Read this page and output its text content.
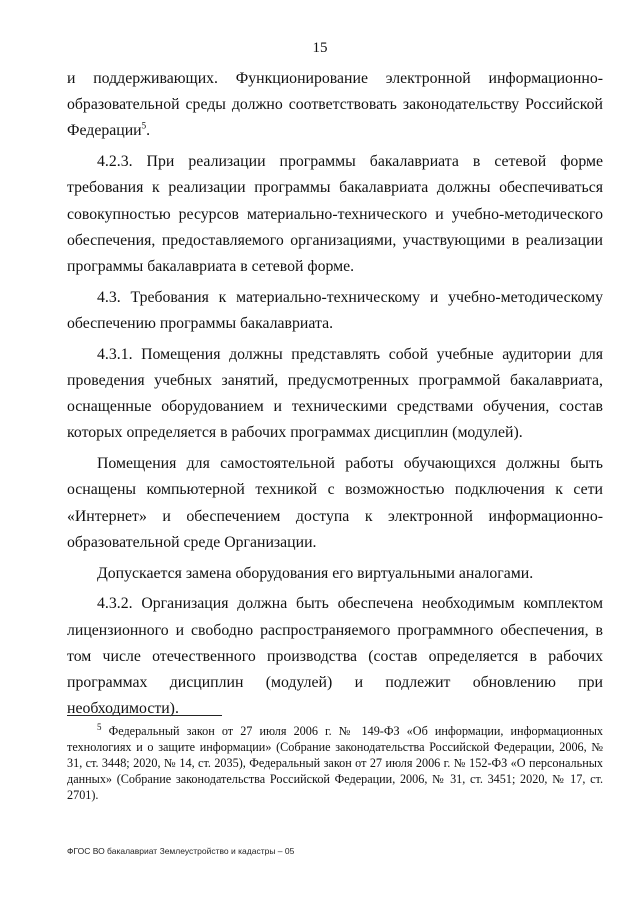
15

и поддерживающих. Функционирование электронной информационно-образовательной среды должно соответствовать законодательству Российской Федерации$^5$.

4.2.3. При реализации программы бакалавриата в сетевой форме требования к реализации программы бакалавриата должны обеспечиваться совокупностью ресурсов материально-технического и учебно-методического обеспечения, предоставляемого организациями, участвующими в реализации программы бакалавриата в сетевой форме.

4.3. Требования к материально-техническому и учебно-методическому обеспечению программы бакалавриата.

4.3.1. Помещения должны представлять собой учебные аудитории для проведения учебных занятий, предусмотренных программой бакалавриата, оснащенные оборудованием и техническими средствами обучения, состав которых определяется в рабочих программах дисциплин (модулей).

Помещения для самостоятельной работы обучающихся должны быть оснащены компьютерной техникой с возможностью подключения к сети «Интернет» и обеспечением доступа к электронной информационно-образовательной среде Организации.

Допускается замена оборудования его виртуальными аналогами.

4.3.2. Организация должна быть обеспечена необходимым комплектом лицензионного и свободно распространяемого программного обеспечения, в том числе отечественного производства (состав определяется в рабочих программах дисциплин (модулей) и подлежит обновлению при необходимости).

$^5$ Федеральный закон от 27 июля 2006 г. № 149-ФЗ «Об информации, информационных технологиях и о защите информации» (Собрание законодательства Российской Федерации, 2006, № 31, ст. 3448; 2020, № 14, ст. 2035), Федеральный закон от 27 июля 2006 г. № 152-ФЗ «О персональных данных» (Собрание законодательства Российской Федерации, 2006, № 31, ст. 3451; 2020, № 17, ст. 2701).

ФГОС ВО бакалавриат Землеустройство и кадастры – 05
